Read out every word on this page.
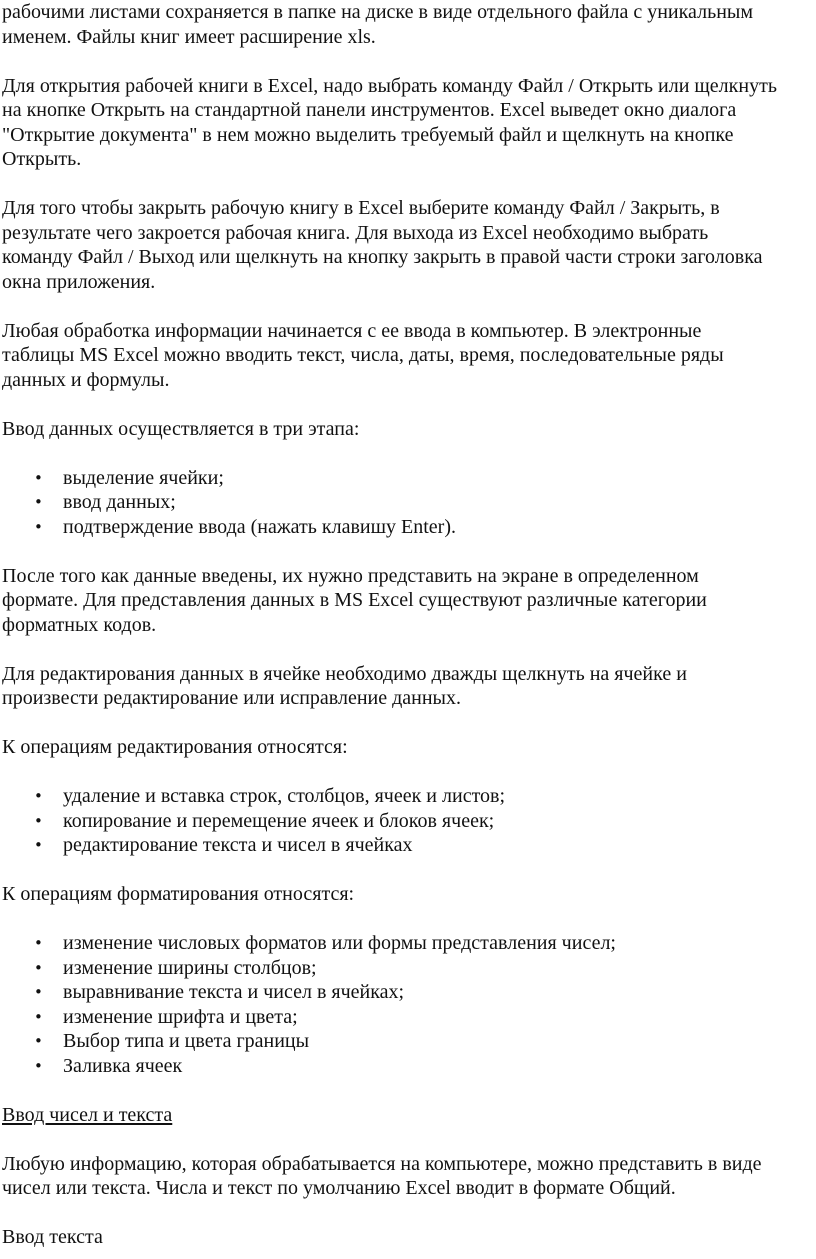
рабочими листами сохраняется в папке на диске в виде отдельного файла с уникальным
именем. Файлы книг имеет расширение xls.

Для открытия рабочей книги в Excel, надо выбрать команду Файл / Открыть или щелкнуть
на кнопке Открыть на стандартной панели инструментов. Excel выведет окно диалога
"Открытие документа" в нем можно выделить требуемый файл и щелкнуть на кнопке
Открыть.

Для того чтобы закрыть рабочую книгу в Excel выберите команду Файл / Закрыть, в
результате чего закроется рабочая книга. Для выхода из Excel необходимо выбрать
команду Файл / Выход или щелкнуть на кнопку закрыть в правой части строки заголовка
окна приложения.

Любая обработка информации начинается с ее ввода в компьютер. В электронные
таблицы MS Excel можно вводить текст, числа, даты, время, последовательные ряды
данных и формулы.

Ввод данных осуществляется в три этапа:

• выделение ячейки;
• ввод данных;
• подтверждение ввода (нажать клавишу Enter).

После того как данные введены, их нужно представить на экране в определенном
формате. Для представления данных в MS Excel существуют различные категории
форматных кодов.

Для редактирования данных в ячейке необходимо дважды щелкнуть на ячейке и
произвести редактирование или исправление данных.

К операциям редактирования относятся:

• удаление и вставка строк, столбцов, ячеек и листов;
• копирование и перемещение ячеек и блоков ячеек;
• редактирование текста и чисел в ячейках

К операциям форматирования относятся:

• изменение числовых форматов или формы представления чисел;
• изменение ширины столбцов;
• выравнивание текста и чисел в ячейках;
• изменение шрифта и цвета;
• Выбор типа и цвета границы
• Заливка ячеек

Ввод чисел и текста

Любую информацию, которая обрабатывается на компьютере, можно представить в виде
чисел или текста. Числа и текст по умолчанию Excel вводит в формате Общий.

Ввод текста
